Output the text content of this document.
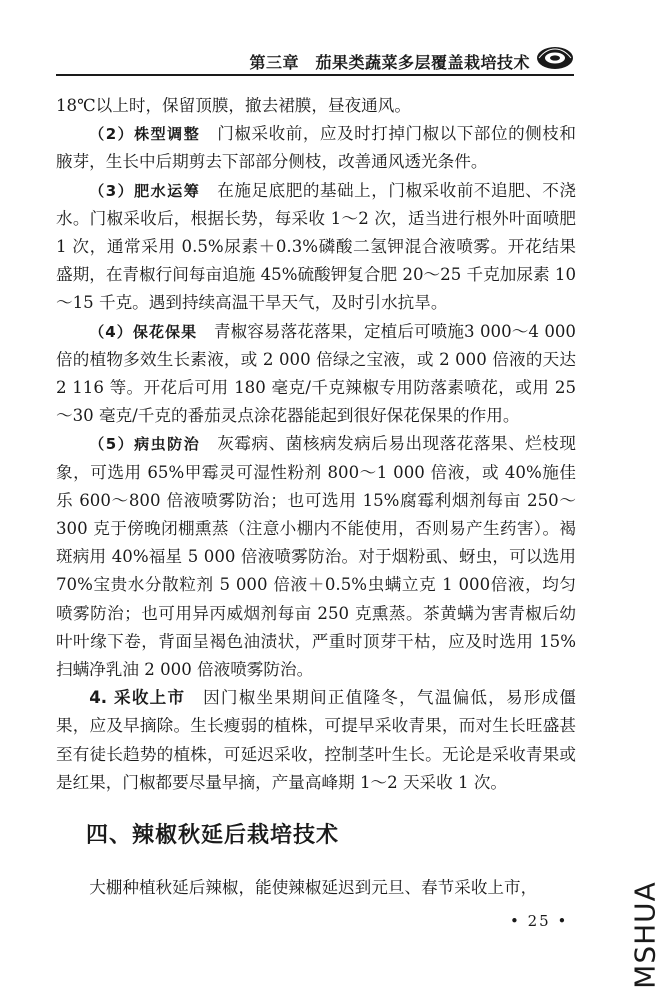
第三章　茄果类蔬菜多层覆盖栽培技术

18℃以上时，保留顶膜，撤去裙膜，昼夜通风。

（2）株型调整　门椒采收前，应及时打掉门椒以下部位的侧枝和腋芽，生长中后期剪去下部部分侧枝，改善通风透光条件。

（3）肥水运筹　在施足底肥的基础上，门椒采收前不追肥、不浇水。门椒采收后，根据长势，每采收 1～2 次，适当进行根外叶面喷肥 1 次，通常采用 0.5%尿素＋0.3%磷酸二氢钾混合液喷雾。开花结果盛期，在青椒行间每亩追施 45%硫酸钾复合肥 20～25 千克加尿素 10～15 千克。遇到持续高温干旱天气，及时引水抗旱。

（4）保花保果　青椒容易落花落果，定植后可喷施3 000～4 000倍的植物多效生长素液，或 2 000 倍绿之宝液，或 2 000 倍液的天达 2 116 等。开花后可用 180 毫克/千克辣椒专用防落素喷花，或用 25～30 毫克/千克的番茄灵点涂花器能起到很好保花保果的作用。

（5）病虫防治　灰霉病、菌核病发病后易出现落花落果、烂枝现象，可选用 65%甲霉灵可湿性粉剂 800～1 000 倍液，或 40%施佳乐 600～800 倍液喷雾防治；也可选用 15%腐霉利烟剂每亩 250～300 克于傍晚闭棚熏蒸（注意小棚内不能使用，否则易产生药害）。褐斑病用 40%福星 5 000 倍液喷雾防治。对于烟粉虱、蚜虫，可以选用 70%宝贵水分散粒剂 5 000 倍液＋0.5%虫螨立克 1 000倍液，均匀喷雾防治；也可用异丙威烟剂每亩 250 克熏蒸。茶黄螨为害青椒后幼叶叶缘下卷，背面呈褐色油渍状，严重时顶芽干枯，应及时选用 15%扫螨净乳油 2 000 倍液喷雾防治。

4. 采收上市　因门椒坐果期间正值隆冬，气温偏低，易形成僵果，应及早摘除。生长瘦弱的植株，可提早采收青果，而对生长旺盛甚至有徒长趋势的植株，可延迟采收，控制茎叶生长。无论是采收青果或是红果，门椒都要尽量早摘，产量高峰期 1～2 天采收 1 次。

四、辣椒秋延后栽培技术
大棚种植秋延后辣椒，能使辣椒延迟到元旦、春节采收上市，
• 25 • MSHUA
